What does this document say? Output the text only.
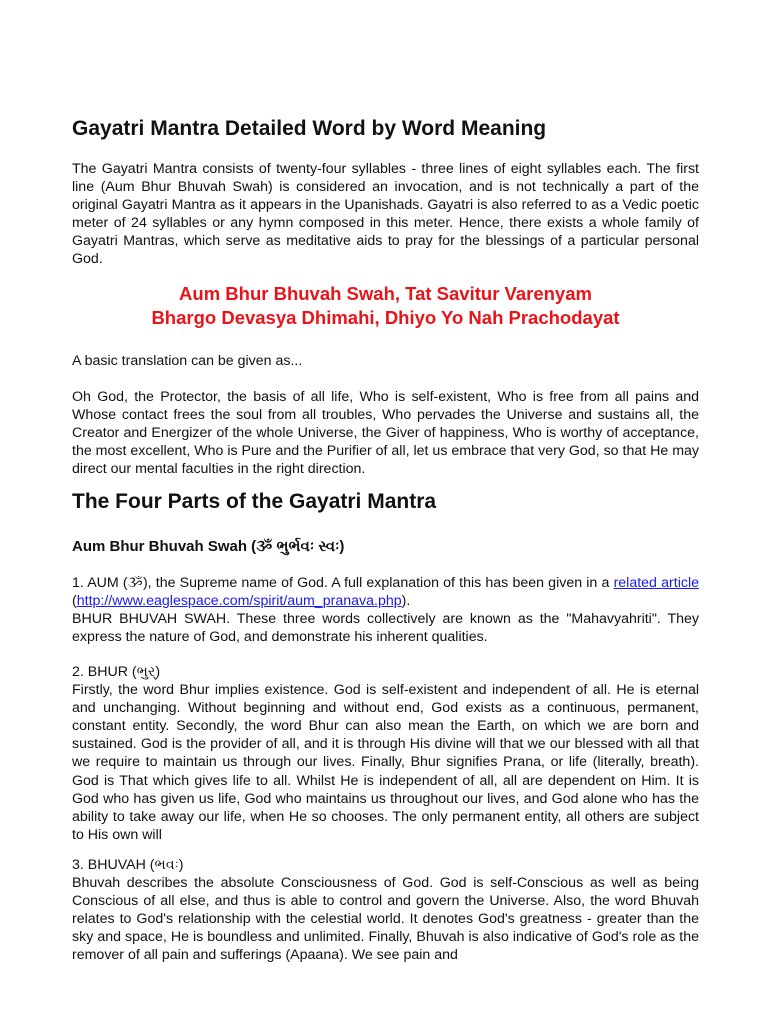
Gayatri Mantra Detailed Word by Word Meaning

The Gayatri Mantra consists of twenty-four syllables - three lines of eight syllables each. The first line (Aum Bhur Bhuvah Swah) is considered an invocation, and is not technically a part of the original Gayatri Mantra as it appears in the Upanishads. Gayatri is also referred to as a Vedic poetic meter of 24 syllables or any hymn composed in this meter. Hence, there exists a whole family of Gayatri Mantras, which serve as meditative aids to pray for the blessings of a particular personal God.

Aum Bhur Bhuvah Swah, Tat Savitur Varenyam
Bhargo Devasya Dhimahi, Dhiyo Yo Nah Prachodayat

A basic translation can be given as...

Oh God, the Protector, the basis of all life, Who is self-existent, Who is free from all pains and Whose contact frees the soul from all troubles, Who pervades the Universe and sustains all, the Creator and Energizer of the whole Universe, the Giver of happiness, Who is worthy of acceptance, the most excellent, Who is Pure and the Purifier of all, let us embrace that very God, so that He may direct our mental faculties in the right direction.

The Four Parts of the Gayatri Mantra
Aum Bhur Bhuvah Swah (ૐ ભુર્ભવઃ સ્વઃ)

1. AUM (ૐ), the Supreme name of God. A full explanation of this has been given in a related article (http://www.eaglespace.com/spirit/aum_pranava.php).
BHUR BHUVAH SWAH. These three words collectively are known as the "Mahavyahriti". They express the nature of God, and demonstrate his inherent qualities.

2. BHUR (ભુર્)
Firstly, the word Bhur implies existence. God is self-existent and independent of all. He is eternal and unchanging. Without beginning and without end, God exists as a continuous, permanent, constant entity. Secondly, the word Bhur can also mean the Earth, on which we are born and sustained. God is the provider of all, and it is through His divine will that we our blessed with all that we require to maintain us through our lives. Finally, Bhur signifies Prana, or life (literally, breath). God is That which gives life to all. Whilst He is independent of all, all are dependent on Him. It is God who has given us life, God who maintains us throughout our lives, and God alone who has the ability to take away our life, when He so chooses. The only permanent entity, all others are subject to His own will

3. BHUVAH (ભવઃ)
Bhuvah describes the absolute Consciousness of God. God is self-Conscious as well as being Conscious of all else, and thus is able to control and govern the Universe. Also, the word Bhuvah relates to God's relationship with the celestial world. It denotes God's greatness - greater than the sky and space, He is boundless and unlimited. Finally, Bhuvah is also indicative of God's role as the remover of all pain and sufferings (Apaana). We see pain and
